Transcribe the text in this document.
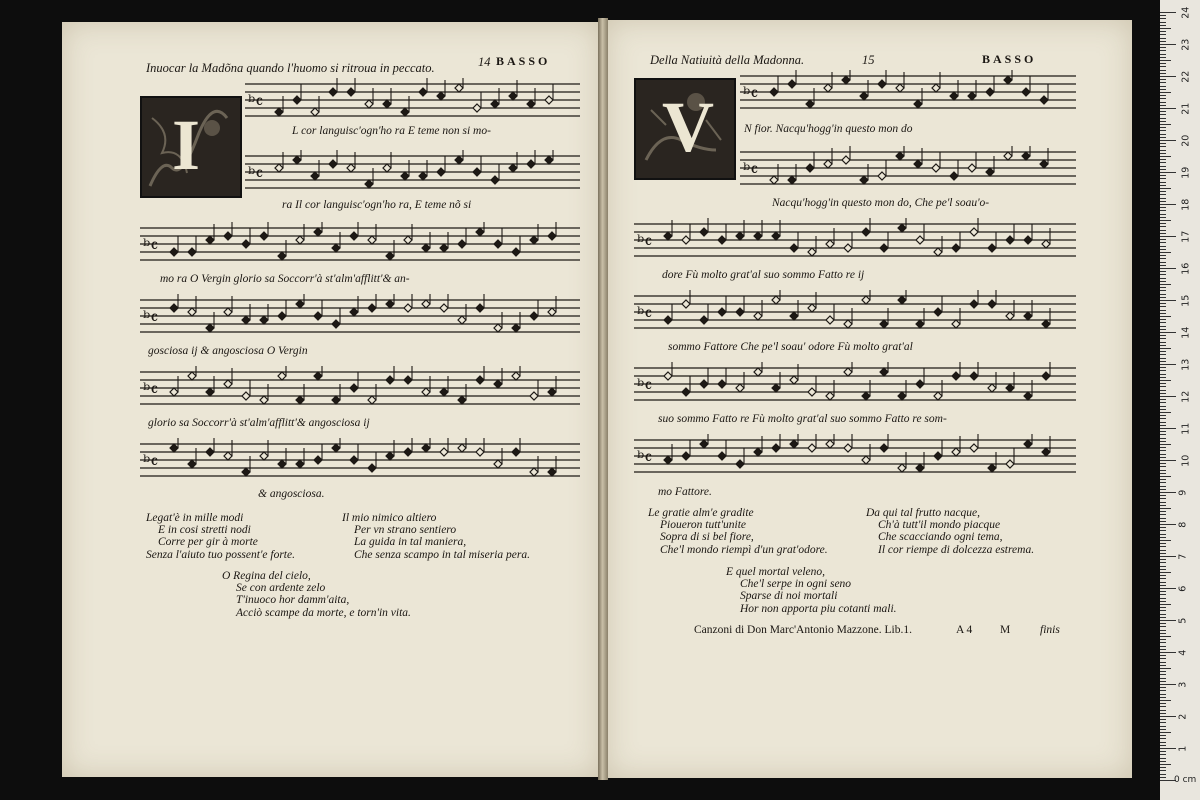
Inuocar la Madõna quando l'huomo si ritroua in peccato.	14 BASSO
I
ᵇ𝄴
ᵇ𝄴
ᵇ𝄴
ᵇ𝄴
ᵇ𝄴
ᵇ𝄴
L cor languisc'ogn'ho ra E teme non si mo-
ra Il cor languisc'ogn'ho ra, E teme nõ si
mo ra O Vergin glorio sa Soccorr'à st'alm'afflitt'& an-
gosciosa ij & angosciosa O Vergin
glorio sa Soccorr'à st'alm'afflitt'& angosciosa ij
& angosciosa.
Legat'è in mille modi
E in cosi stretti nodi
Corre per gir à morte
Senza l'aiuto tuo possent'e forte.
Il mio nimico altiero
Per vn strano sentiero
La guida in tal maniera,
Che senza scampo in tal miseria pera.
O Regina del cielo,
Se con ardente zelo
T'inuoco hor damm'aita,
Acciò scampe da morte, e torn'in vita.
Della Natiuità della Madonna.	15	BASSO
V ᵇ𝄴
ᵇ𝄴
ᵇ𝄴
ᵇ𝄴
ᵇ𝄴
ᵇ𝄴
N fior. Nacqu'hogg'in questo mon do
Nacqu'hogg'in questo mon do, Che pe'l soau'o-
dore Fù molto grat'al suo sommo Fatto re ij
sommo Fattore Che pe'l soau' odore Fù molto grat'al
suo sommo Fatto re Fù molto grat'al suo sommo Fatto re som-
mo Fattore.
Le gratie alm'e gradite
Pioueron tutt'unite
Sopra di si bel fiore,
Che'l mondo riempì d'un grat'odore.
Da qui tal frutto nacque,
Ch'à tutt'il mondo piacque
Che scacciando ogni tema,
Il cor riempe di dolcezza estrema.
E quel mortal veleno,
Che'l serpe in ogni seno
Sparse di noi mortali
Hor non apporta piu cotanti mali.
Canzoni di Don Marc'Antonio Mazzone. Lib.1.	A 4 M	finis
1
2
3
4
5
6
7
8
9
10
11
12
13
14
15
16
17
18
19
20
21
22
23
24
0 cm
